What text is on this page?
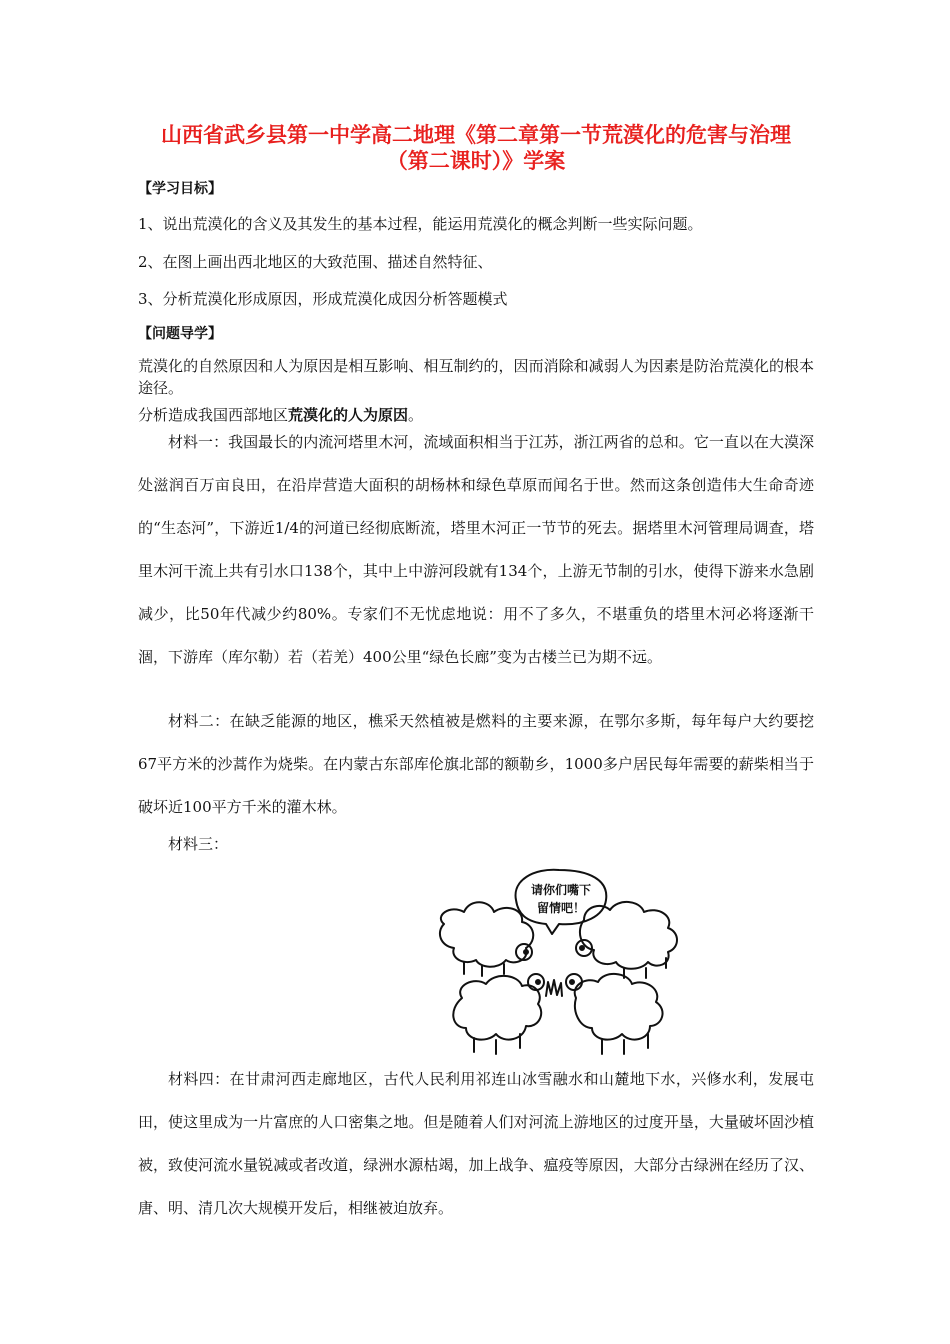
山西省武乡县第一中学高二地理《第二章第一节荒漠化的危害与治理
（第二课时）》学案
【学习目标】
1、说出荒漠化的含义及其发生的基本过程，能运用荒漠化的概念判断一些实际问题。
2、在图上画出西北地区的大致范围、描述自然特征、
3、分析荒漠化形成原因，形成荒漠化成因分析答题模式
【问题导学】
荒漠化的自然原因和人为原因是相互影响、相互制约的，因而消除和减弱人为因素是防治荒漠化的根本途径。
分析造成我国西部地区荒漠化的人为原因。
材料一：我国最长的内流河塔里木河，流域面积相当于江苏，浙江两省的总和。它一直以在大漠深处滋润百万亩良田，在沿岸营造大面积的胡杨林和绿色草原而闻名于世。然而这条创造伟大生命奇迹的“生态河”，下游近1/4的河道已经彻底断流，塔里木河正一节节的死去。据塔里木河管理局调查，塔里木河干流上共有引水口138个，其中上中游河段就有134个，上游无节制的引水，使得下游来水急剧减少，比50年代减少约80%。专家们不无忧虑地说：用不了多久，不堪重负的塔里木河必将逐渐干涸，下游库（库尔勒）若（若羌）400公里“绿色长廊”变为古楼兰已为期不远。
材料二：在缺乏能源的地区，樵采天然植被是燃料的主要来源，在鄂尔多斯，每年每户大约要挖67平方米的沙蒿作为烧柴。在内蒙古东部库伦旗北部的额勒乡，1000多户居民每年需要的薪柴相当于破坏近100平方千米的灌木林。
材料三：
请你们嘴下
留情吧！
材料四：在甘肃河西走廊地区，古代人民利用祁连山冰雪融水和山麓地下水，兴修水利，发展屯田，使这里成为一片富庶的人口密集之地。但是随着人们对河流上游地区的过度开垦，大量破坏固沙植被，致使河流水量锐减或者改道，绿洲水源枯竭，加上战争、瘟疫等原因，大部分古绿洲在经历了汉、唐、明、清几次大规模开发后，相继被迫放弃。
